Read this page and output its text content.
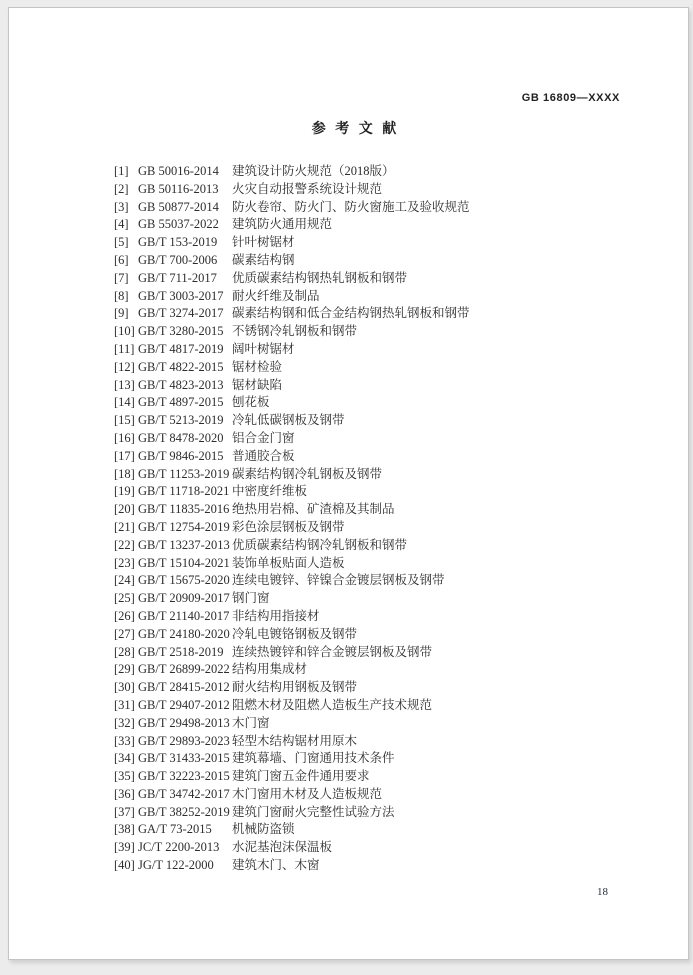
GB 16809—XXXX
参 考 文 献
[1] GB 50016-2014	建筑设计防火规范（2018版）
[2] GB 50116-2013	火灾自动报警系统设计规范
[3] GB 50877-2014	防火卷帘、防火门、防火窗施工及验收规范
[4] GB 55037-2022	建筑防火通用规范
[5] GB/T 153-2019	针叶树锯材
[6] GB/T 700-2006	碳素结构钢
[7] GB/T 711-2017	优质碳素结构钢热轧钢板和钢带
[8] GB/T 3003-2017 耐火纤维及制品
[9] GB/T 3274-2017 碳素结构钢和低合金结构钢热轧钢板和钢带
[10] GB/T 3280-2015 不锈钢冷轧钢板和钢带
[11] GB/T 4817-2019 阔叶树锯材
[12] GB/T 4822-2015 锯材检验
[13] GB/T 4823-2013 锯材缺陷
[14] GB/T 4897-2015 刨花板
[15] GB/T 5213-2019 冷轧低碳钢板及钢带
[16] GB/T 8478-2020 铝合金门窗
[17] GB/T 9846-2015 普通胶合板
[18] GB/T 11253-2019 碳素结构钢冷轧钢板及钢带
[19] GB/T 11718-2021 中密度纤维板
[20] GB/T 11835-2016 绝热用岩棉、矿渣棉及其制品
[21] GB/T 12754-2019 彩色涂层钢板及钢带
[22] GB/T 13237-2013 优质碳素结构钢冷轧钢板和钢带
[23] GB/T 15104-2021 装饰单板贴面人造板
[24] GB/T 15675-2020 连续电镀锌、锌镍合金镀层钢板及钢带
[25] GB/T 20909-2017 钢门窗
[26] GB/T 21140-2017 非结构用指接材
[27] GB/T 24180-2020 冷轧电镀铬钢板及钢带
[28] GB/T 2518-2019 连续热镀锌和锌合金镀层钢板及钢带
[29] GB/T 26899-2022 结构用集成材
[30] GB/T 28415-2012 耐火结构用钢板及钢带
[31] GB/T 29407-2012 阻燃木材及阻燃人造板生产技术规范
[32] GB/T 29498-2013 木门窗
[33] GB/T 29893-2023 轻型木结构锯材用原木
[34] GB/T 31433-2015 建筑幕墙、门窗通用技术条件
[35] GB/T 32223-2015 建筑门窗五金件通用要求
[36] GB/T 34742-2017 木门窗用木材及人造板规范
[37] GB/T 38252-2019 建筑门窗耐火完整性试验方法
[38] GA/T 73-2015	机械防盗锁
[39] JC/T 2200-2013	水泥基泡沫保温板
[40] JG/T 122-2000	建筑木门、木窗
18
